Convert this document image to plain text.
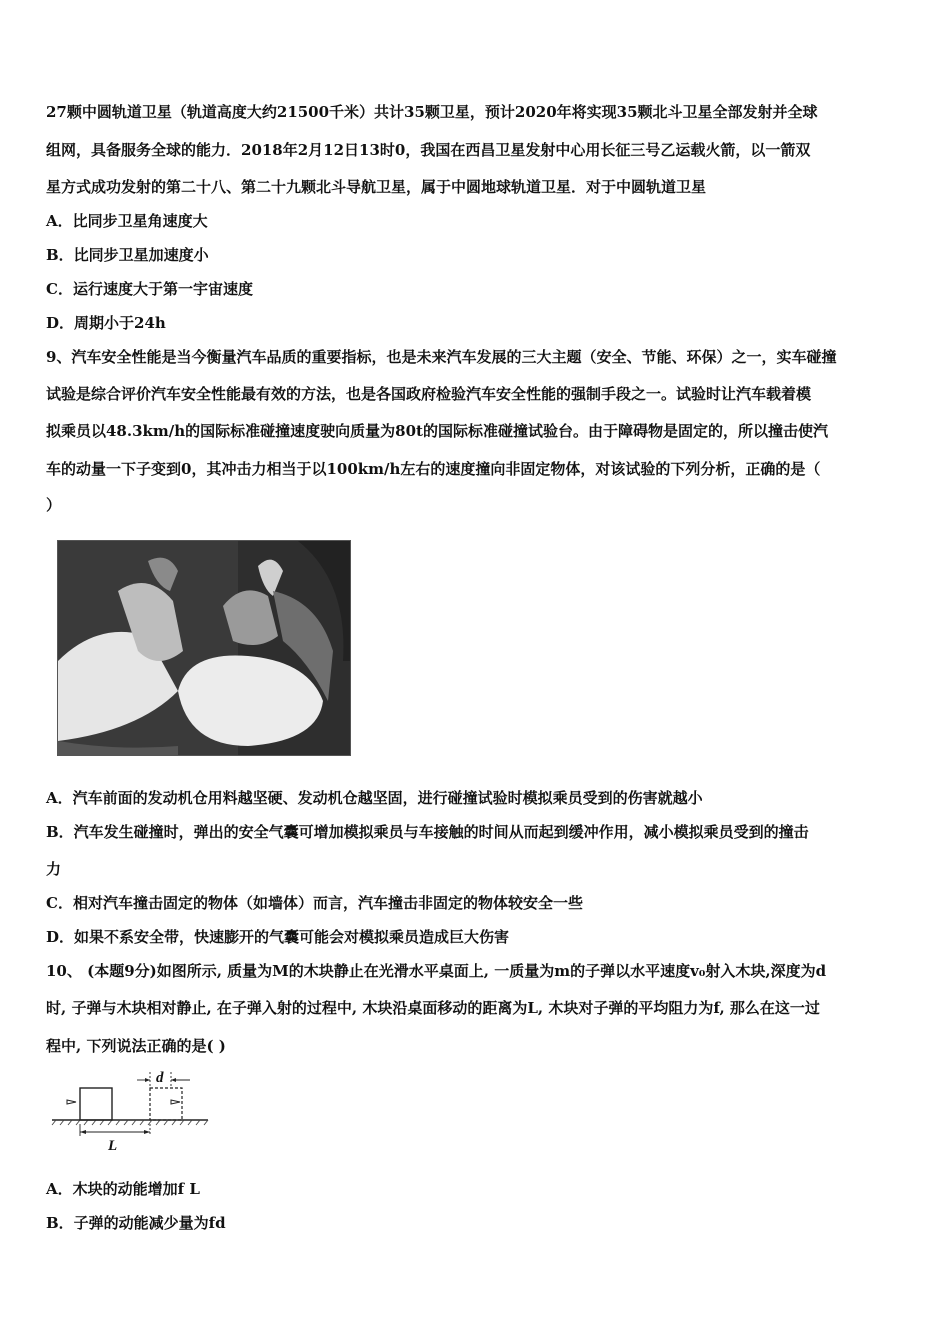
27颗中圆轨道卫星（轨道高度大约21500千米）共计35颗卫星，预计2020年将实现35颗北斗卫星全部发射并全球
组网，具备服务全球的能力．2018年2月12日13时0，我国在西昌卫星发射中心用长征三号乙运载火箭，以一箭双
星方式成功发射的第二十八、第二十九颗北斗导航卫星，属于中圆地球轨道卫星．对于中圆轨道卫星
A．比同步卫星角速度大
B．比同步卫星加速度小
C．运行速度大于第一宇宙速度
D．周期小于24h
9、汽车安全性能是当今衡量汽车品质的重要指标，也是未来汽车发展的三大主题（安全、节能、环保）之一，实车碰撞
试验是综合评价汽车安全性能最有效的方法，也是各国政府检验汽车安全性能的强制手段之一。试验时让汽车载着模
拟乘员以48.3km/h的国际标准碰撞速度驶向质量为80t的国际标准碰撞试验台。由于障碍物是固定的，所以撞击使汽
车的动量一下子变到0，其冲击力相当于以100km/h左右的速度撞向非固定物体，对该试验的下列分析，正确的是（
）
A．汽车前面的发动机仓用料越坚硬、发动机仓越坚固，进行碰撞试验时模拟乘员受到的伤害就越小
B．汽车发生碰撞时，弹出的安全气囊可增加模拟乘员与车接触的时间从而起到缓冲作用，减小模拟乘员受到的撞击
力
C．相对汽车撞击固定的物体（如墙体）而言，汽车撞击非固定的物体较安全一些
D．如果不系安全带，快速膨开的气囊可能会对模拟乘员造成巨大伤害
10、 (本题9分)如图所示, 质量为M的木块静止在光滑水平桌面上, 一质量为m的子弹以水平速度v₀射入木块,深度为d
时, 子弹与木块相对静止, 在子弹入射的过程中, 木块沿桌面移动的距离为L, 木块对子弹的平均阻力为f, 那么在这一过
程中, 下列说法正确的是( )
d
L
A．木块的动能增加f L
B．子弹的动能减少量为fd
